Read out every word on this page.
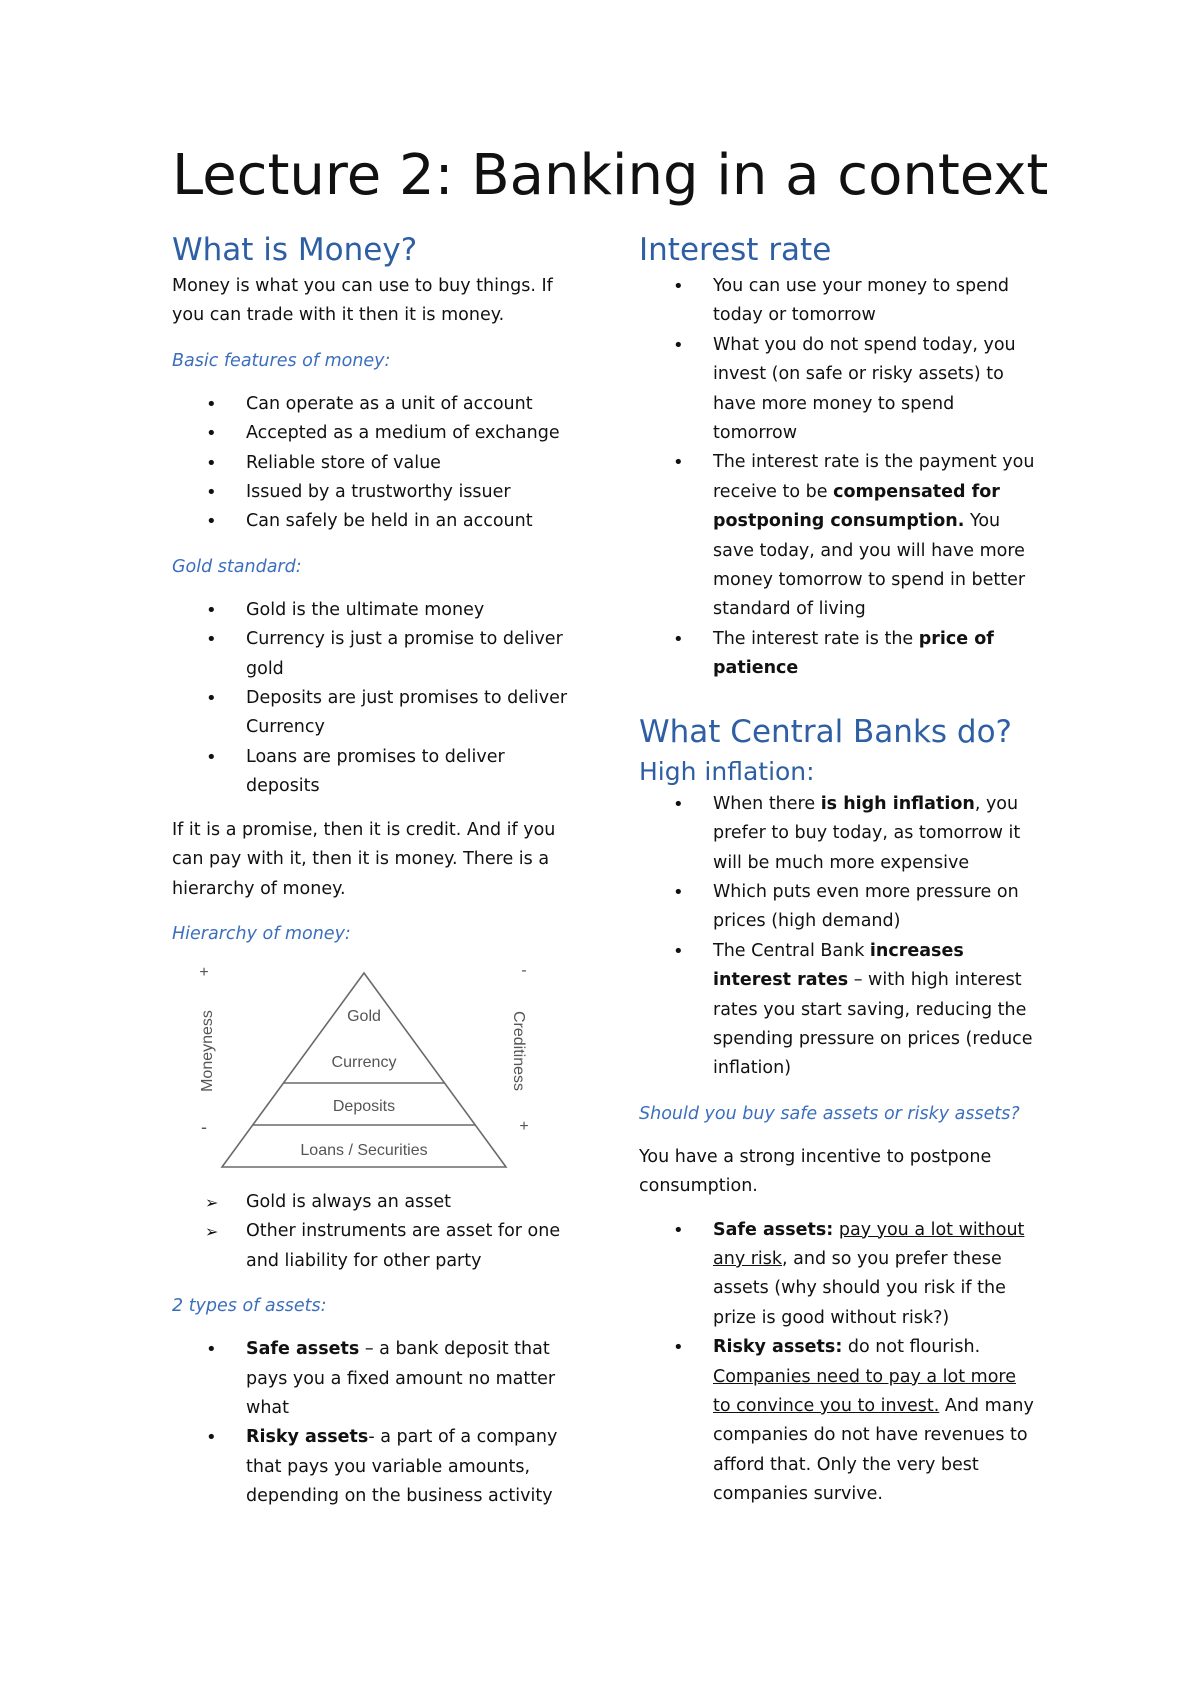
Lecture 2: Banking in a context
What is Money?

Money is what you can use to buy things. If you can trade with it then it is money.

Basic features of money:
• Can operate as a unit of account
• Accepted as a medium of exchange
• Reliable store of value
• Issued by a trustworthy issuer
• Can safely be held in an account
Gold standard:
• Gold is the ultimate money
• Currency is just a promise to deliver gold
• Deposits are just promises to deliver Currency
• Loans are promises to deliver deposits

If it is a promise, then it is credit. And if you can pay with it, then it is money. There is a hierarchy of money.

Hierarchy of money:
Gold
Currency
Deposits
Loans / Securities
+
-
-
+
Moneyness	Creditiness
➢ Gold is always an asset
➢ Other instruments are asset for one and liability for other party
2 types of assets:
• Safe assets – a bank deposit that pays you a fixed amount no matter what
• Risky assets- a part of a company that pays you variable amounts, depending on the business activity
Interest rate
• You can use your money to spend today or tomorrow
• What you do not spend today, you invest (on safe or risky assets) to have more money to spend tomorrow
• The interest rate is the payment you receive to be compensated for postponing consumption. You save today, and you will have more money tomorrow to spend in better standard of living
• The interest rate is the price of patience
What Central Banks do?
High inflation:
• When there is high inflation, you prefer to buy today, as tomorrow it will be much more expensive
• Which puts even more pressure on prices (high demand)
• The Central Bank increases interest rates – with high interest rates you start saving, reducing the spending pressure on prices (reduce inflation)
Should you buy safe assets or risky assets?

You have a strong incentive to postpone consumption.

• Safe assets: pay you a lot without any risk, and so you prefer these assets (why should you risk if the prize is good without risk?)
• Risky assets: do not flourish. Companies need to pay a lot more to convince you to invest. And many companies do not have revenues to afford that. Only the very best companies survive.
